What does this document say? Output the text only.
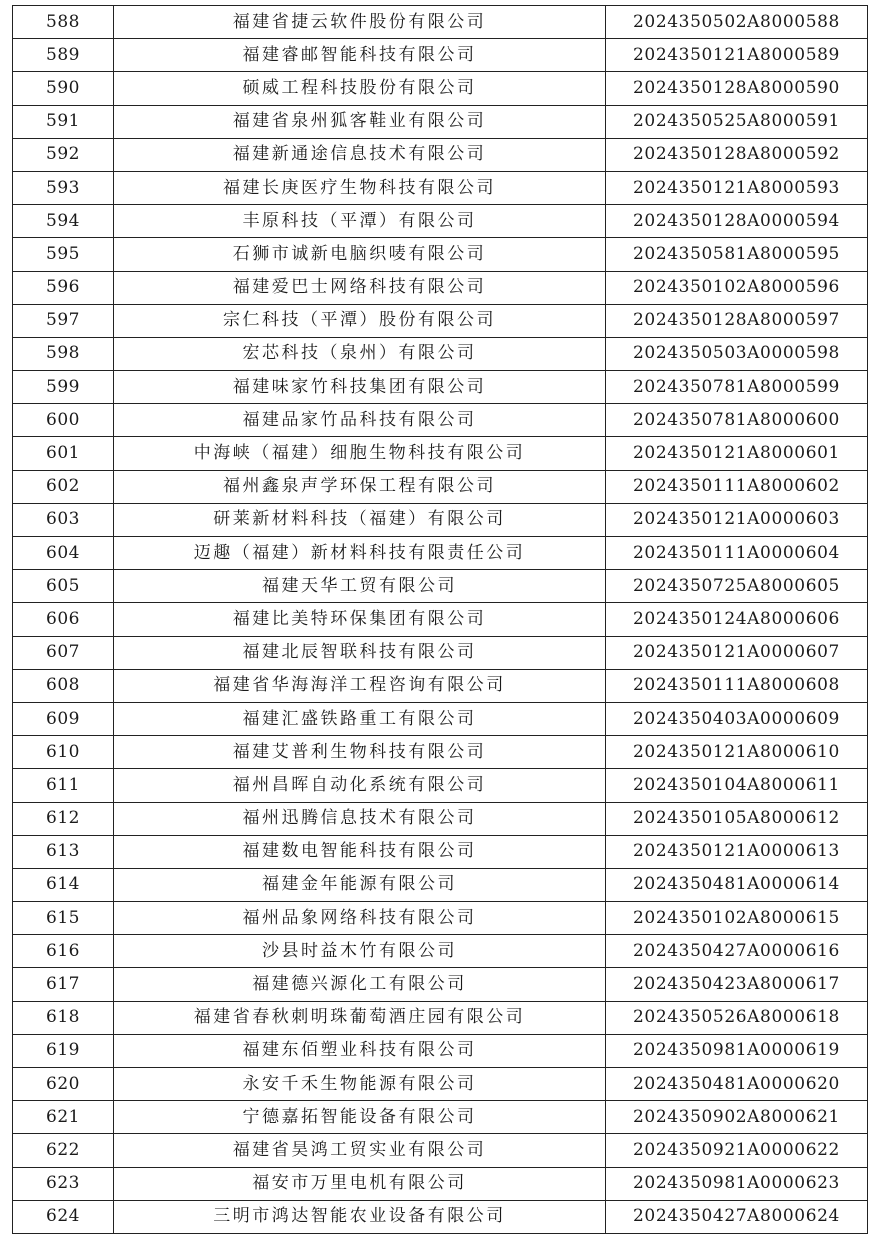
588	福建省捷云软件股份有限公司	2024350502A8000588
589	福建睿邮智能科技有限公司	2024350121A8000589
590	硕威工程科技股份有限公司	2024350128A8000590
591	福建省泉州狐客鞋业有限公司	2024350525A8000591
592	福建新通途信息技术有限公司	2024350128A8000592
593	福建长庚医疗生物科技有限公司	2024350121A8000593
594	丰原科技（平潭）有限公司	2024350128A0000594
595	石狮市诚新电脑织唛有限公司	2024350581A8000595
596	福建爱巴士网络科技有限公司	2024350102A8000596
597	宗仁科技（平潭）股份有限公司	2024350128A8000597
598	宏芯科技（泉州）有限公司	2024350503A0000598
599	福建味家竹科技集团有限公司	2024350781A8000599
600	福建品家竹品科技有限公司	2024350781A8000600
601	中海峡（福建）细胞生物科技有限公司	2024350121A8000601
602	福州鑫泉声学环保工程有限公司	2024350111A8000602
603	研莱新材料科技（福建）有限公司	2024350121A0000603
604	迈趣（福建）新材料科技有限责任公司	2024350111A0000604
605	福建天华工贸有限公司	2024350725A8000605
606	福建比美特环保集团有限公司	2024350124A8000606
607	福建北辰智联科技有限公司	2024350121A0000607
608	福建省华海海洋工程咨询有限公司	2024350111A8000608
609	福建汇盛铁路重工有限公司	2024350403A0000609
610	福建艾普利生物科技有限公司	2024350121A8000610
611	福州昌晖自动化系统有限公司	2024350104A8000611
612	福州迅腾信息技术有限公司	2024350105A8000612
613	福建数电智能科技有限公司	2024350121A0000613
614	福建金年能源有限公司	2024350481A0000614
615	福州品象网络科技有限公司	2024350102A8000615
616	沙县时益木竹有限公司	2024350427A0000616
617	福建德兴源化工有限公司	2024350423A8000617
618	福建省春秋刺明珠葡萄酒庄园有限公司	2024350526A8000618
619	福建东佰塑业科技有限公司	2024350981A0000619
620	永安千禾生物能源有限公司	2024350481A0000620
621	宁德嘉拓智能设备有限公司	2024350902A8000621
622	福建省昊鸿工贸实业有限公司	2024350921A0000622
623	福安市万里电机有限公司	2024350981A0000623
624	三明市鸿达智能农业设备有限公司	2024350427A8000624
